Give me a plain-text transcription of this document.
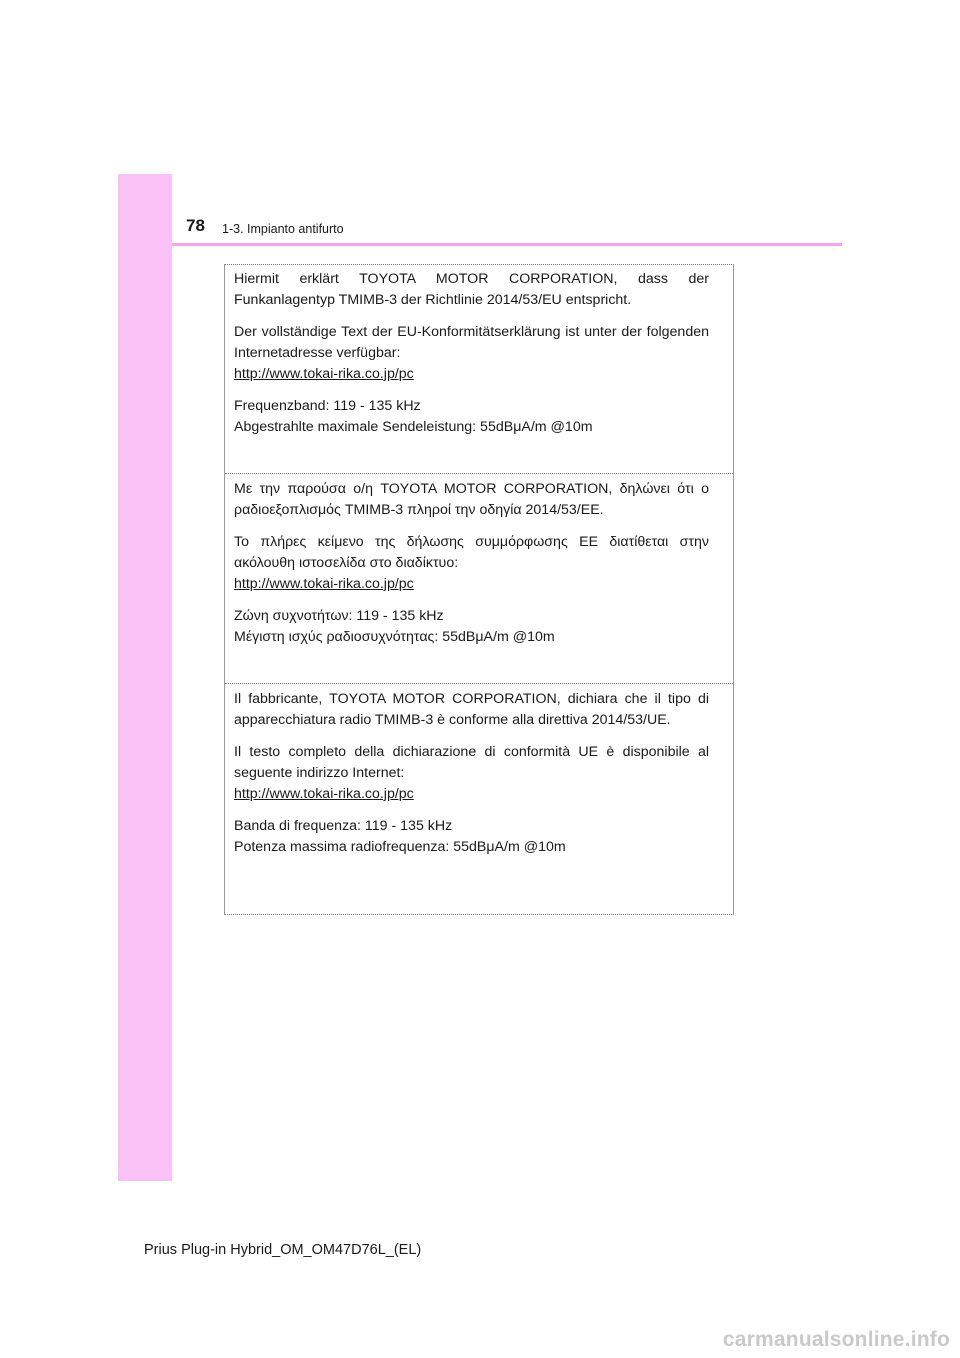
78 1-3. Impianto antifurto

Hiermit erklärt TOYOTA MOTOR CORPORATION, dass der Funkanlagentyp TMIMB-3 der Richtlinie 2014/53/EU entspricht.

Der vollständige Text der EU-Konformitätserklärung ist unter der folgenden Internetadresse verfügbar:

http://www.tokai-rika.co.jp/pc

Frequenzband: 119 - 135 kHz

Abgestrahlte maximale Sendeleistung: 55dBμA/m @10m

Με την παρούσα ο/η TOYOTA MOTOR CORPORATION, δηλώνει ότι ο ραδιοεξοπλισμός TMIMB-3 πληροί την οδηγία 2014/53/ΕΕ.

Το πλήρες κείμενο της δήλωσης συμμόρφωσης ΕΕ διατίθεται στην ακόλουθη ιστοσελίδα στο διαδίκτυο:

http://www.tokai-rika.co.jp/pc

Ζώνη συχνοτήτων: 119 - 135 kHz

Μέγιστη ισχύς ραδιοσυχνότητας: 55dBμA/m @10m

Il fabbricante, TOYOTA MOTOR CORPORATION, dichiara che il tipo di apparecchiatura radio TMIMB-3 è conforme alla direttiva 2014/53/UE.

Il testo completo della dichiarazione di conformità UE è disponibile al seguente indirizzo Internet:

http://www.tokai-rika.co.jp/pc

Banda di frequenza: 119 - 135 kHz

Potenza massima radiofrequenza: 55dBμA/m @10m

Prius Plug-in Hybrid_OM_OM47D76L_(EL)
carmanualsonline.info
